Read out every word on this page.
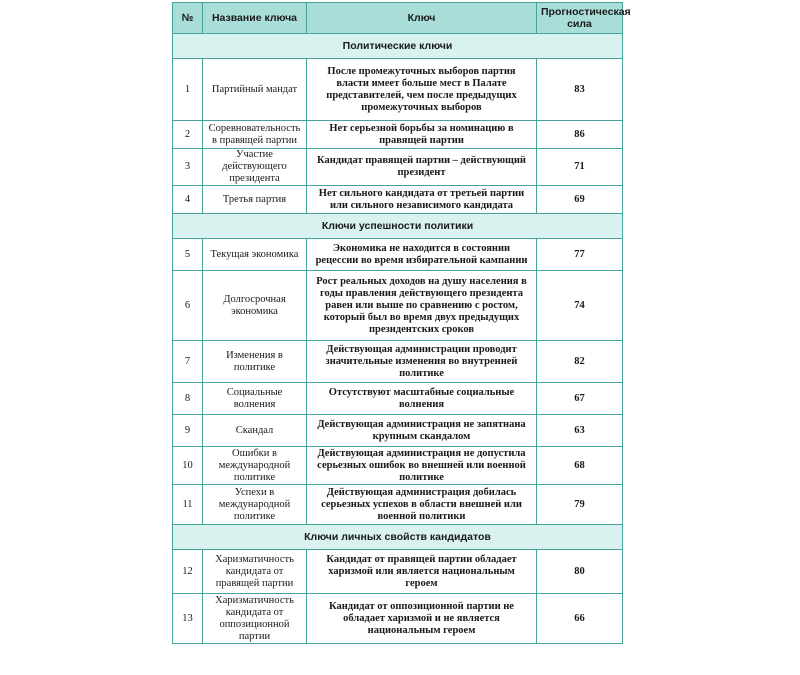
№	Название ключа	Ключ	Прогностическая сила
Политические ключи			
1	Партийный мандат	После промежуточных выборов партия власти имеет больше мест в Палате представителей, чем после предыдущих промежуточных выборов	83
2	Соревновательность в правящей партии	Нет серьезной борьбы за номинацию в правящей партии	86
3	Участие действующего президента	Кандидат правящей партии – действующий президент	71
4	Третья партия	Нет сильного кандидата от третьей партии или сильного независимого кандидата	69
Ключи успешности политики			
5	Текущая экономика	Экономика не находится в состоянии рецессии во время избирательной кампании	77
6	Долгосрочная экономика	Рост реальных доходов на душу населения в годы правления действующего президента равен или выше по сравнению с ростом, который был во время двух предыдущих президентских сроков	74
7	Изменения в политике	Действующая администрации проводит значительные изменения во внутренней политике	82
8	Социальные волнения	Отсутствуют масштабные социальные волнения	67
9	Скандал	Действующая администрация не запятнана крупным скандалом	63
10	Ошибки в международной политике	Действующая администрация не допустила серьезных ошибок во внешней или военной политике	68
11	Успехи в международной политике	Действующая администрация добилась серьезных успехов в области внешней или военной политики	79
Ключи личных свойств кандидатов			
12	Харизматичность кандидата от правящей партии	Кандидат от правящей партии обладает харизмой или является национальным героем	80
13	Харизматичность кандидата от оппозиционной партии	Кандидат от оппозиционной партии не обладает харизмой и не является национальным героем	66
